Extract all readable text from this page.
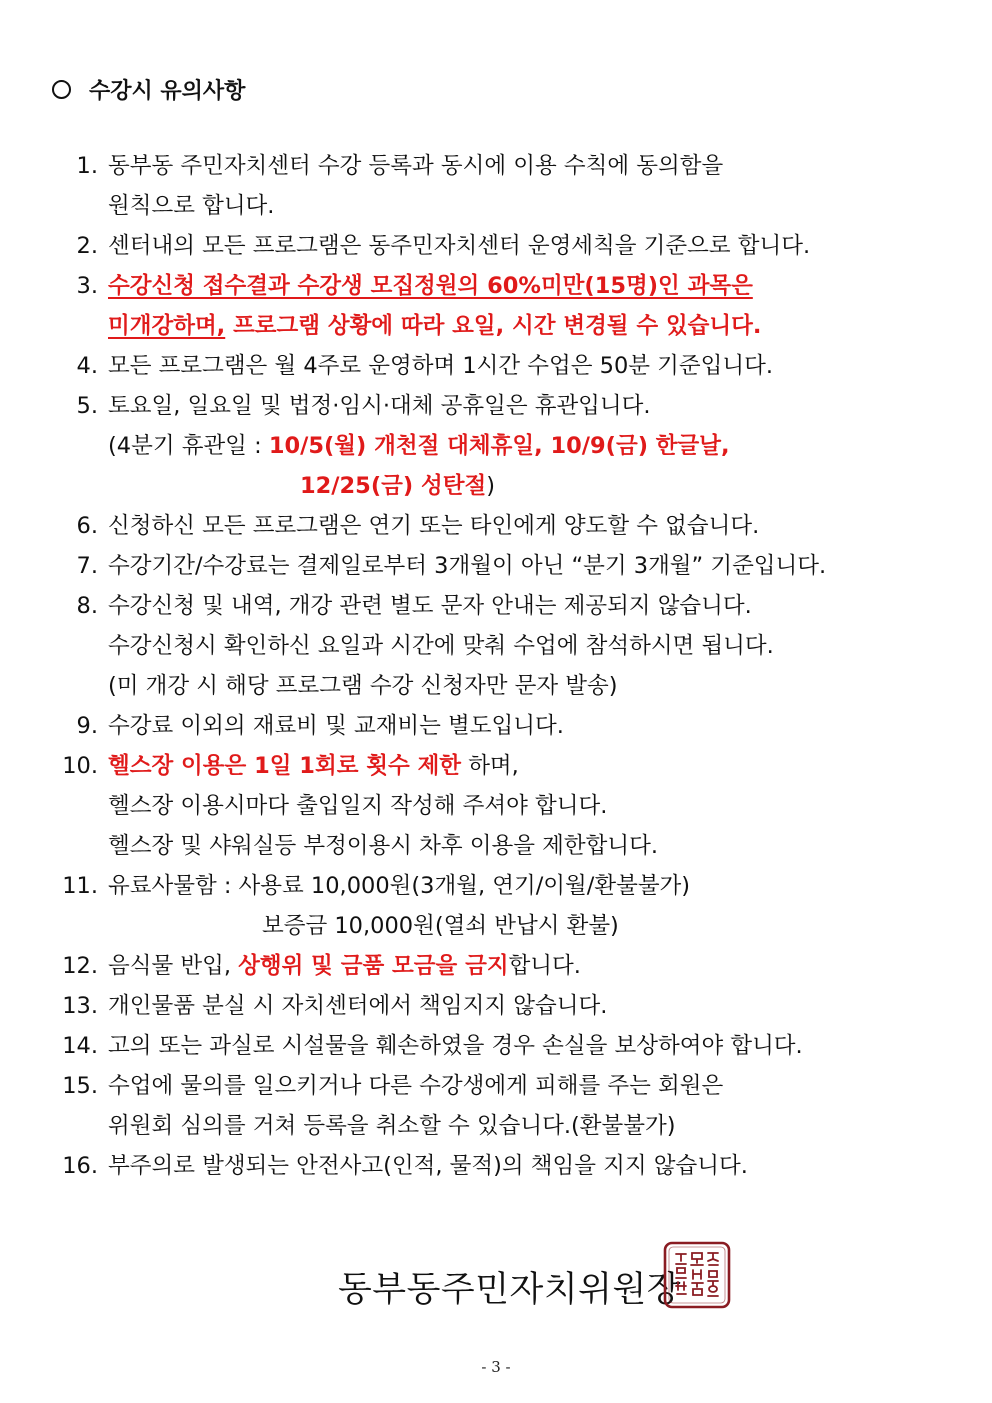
수강시 유의사항
1. 동부동 주민자치센터 수강 등록과 동시에 이용 수칙에 동의함을
원칙으로 합니다.
2. 센터내의 모든 프로그램은 동주민자치센터 운영세칙을 기준으로 합니다.
3. 수강신청 접수결과 수강생 모집정원의 60%미만(15명)인 과목은
미개강하며, 프로그램 상황에 따라 요일, 시간 변경될 수 있습니다.
4. 모든 프로그램은 월 4주로 운영하며 1시간 수업은 50분 기준입니다.
5. 토요일, 일요일 및 법정·임시·대체 공휴일은 휴관입니다.
(4분기 휴관일 : 10/5(월) 개천절 대체휴일, 10/9(금) 한글날,
12/25(금) 성탄절)
6. 신청하신 모든 프로그램은 연기 또는 타인에게 양도할 수 없습니다.
7. 수강기간/수강료는 결제일로부터 3개월이 아닌 “분기 3개월” 기준입니다.
8. 수강신청 및 내역, 개강 관련 별도 문자 안내는 제공되지 않습니다.
수강신청시 확인하신 요일과 시간에 맞춰 수업에 참석하시면 됩니다.
(미 개강 시 해당 프로그램 수강 신청자만 문자 발송)
9. 수강료 이외의 재료비 및 교재비는 별도입니다.
10. 헬스장 이용은 1일 1회로 횟수 제한 하며,
헬스장 이용시마다 출입일지 작성해 주셔야 합니다.
헬스장 및 샤워실등 부정이용시 차후 이용을 제한합니다.
11. 유료사물함 : 사용료 10,000원(3개월, 연기/이월/환불불가)
보증금 10,000원(열쇠 반납시 환불)
12. 음식물 반입, 상행위 및 금품 모금을 금지합니다.
13. 개인물품 분실 시 자치센터에서 책임지지 않습니다.
14. 고의 또는 과실로 시설물을 훼손하였을 경우 손실을 보상하여야 합니다.
15. 수업에 물의를 일으키거나 다른 수강생에게 피해를 주는 회원은
위원회 심의를 거쳐 등록을 취소할 수 있습니다.(환불불가)
16. 부주의로 발생되는 안전사고(인적, 물적)의 책임을 지지 않습니다.
동부동주민자치위원장
- 3 -
